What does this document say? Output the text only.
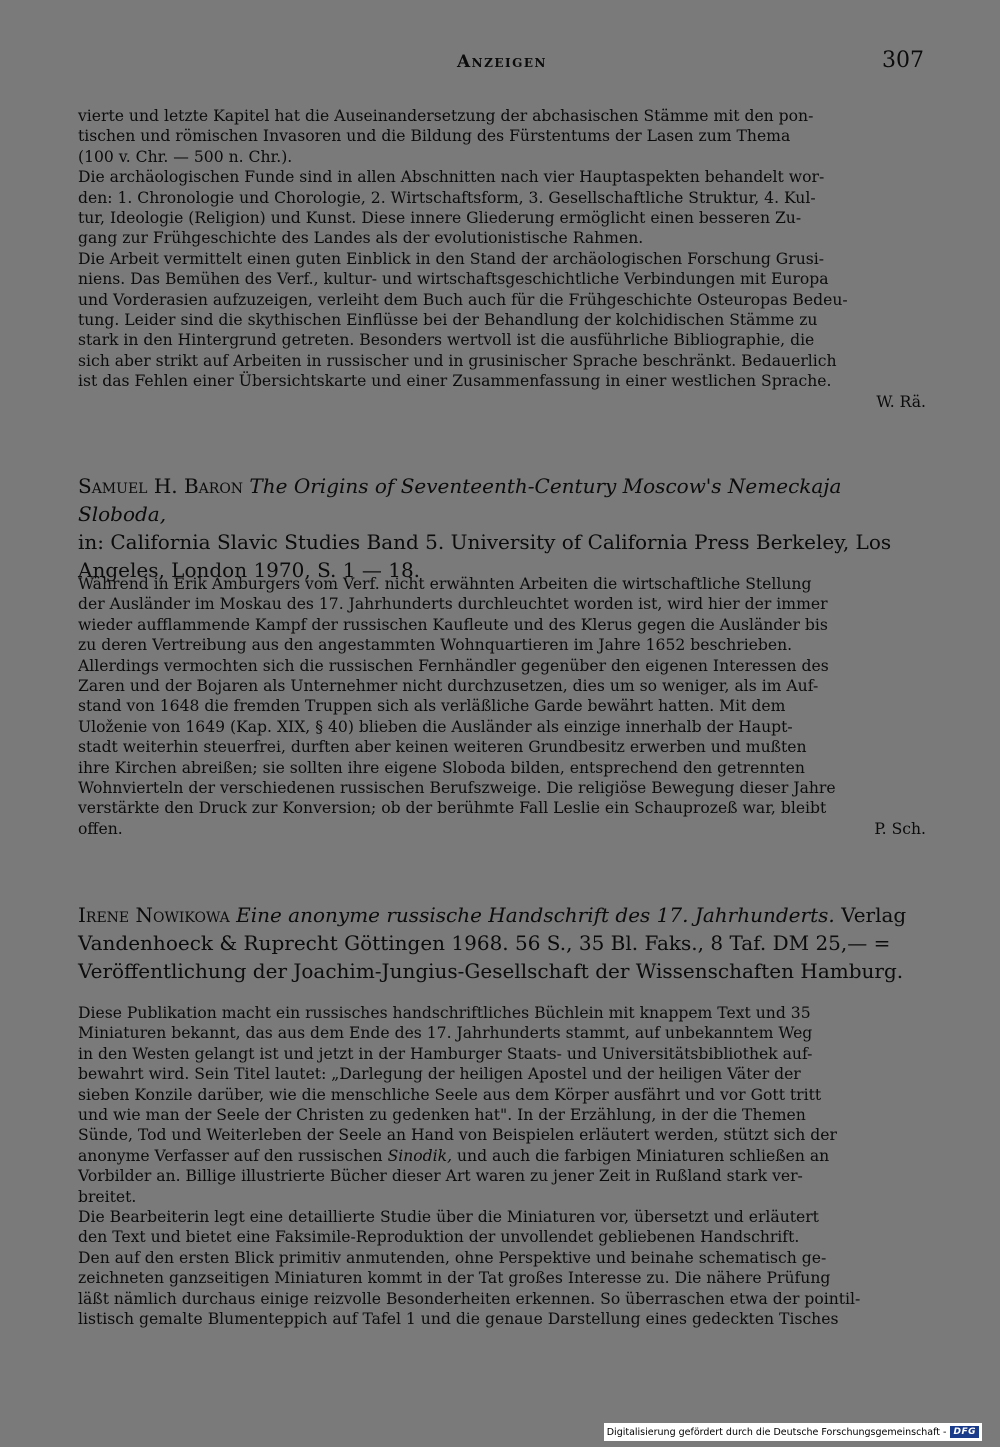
Anzeigen	307

vierte und letzte Kapitel hat die Auseinandersetzung der abchasischen Stämme mit den pon-
tischen und römischen Invasoren und die Bildung des Fürstentums der Lasen zum Thema
(100 v. Chr. — 500 n. Chr.).
Die archäologischen Funde sind in allen Abschnitten nach vier Hauptaspekten behandelt wor-
den: 1. Chronologie und Chorologie, 2. Wirtschaftsform, 3. Gesellschaftliche Struktur, 4. Kul-
tur, Ideologie (Religion) und Kunst. Diese innere Gliederung ermöglicht einen besseren Zu-
gang zur Frühgeschichte des Landes als der evolutionistische Rahmen.
Die Arbeit vermittelt einen guten Einblick in den Stand der archäologischen Forschung Grusi-
niens. Das Bemühen des Verf., kultur- und wirtschaftsgeschichtliche Verbindungen mit Europa
und Vorderasien aufzuzeigen, verleiht dem Buch auch für die Frühgeschichte Osteuropas Bedeu-
tung. Leider sind die skythischen Einflüsse bei der Behandlung der kolchidischen Stämme zu
stark in den Hintergrund getreten. Besonders wertvoll ist die ausführliche Bibliographie, die
sich aber strikt auf Arbeiten in russischer und in grusinischer Sprache beschränkt. Bedauerlich
ist das Fehlen einer Übersichtskarte und einer Zusammenfassung in einer westlichen Sprache.

W. Rä.
Samuel H. Baron The Origins of Seventeenth-Century Moscow's Nemeckaja Sloboda,
in: California Slavic Studies Band 5. University of California Press Berkeley, Los
Angeles, London 1970, S. 1 — 18.

Während in Erik Amburgers vom Verf. nicht erwähnten Arbeiten die wirtschaftliche Stellung
der Ausländer im Moskau des 17. Jahrhunderts durchleuchtet worden ist, wird hier der immer
wieder aufflammende Kampf der russischen Kaufleute und des Klerus gegen die Ausländer bis
zu deren Vertreibung aus den angestammten Wohnquartieren im Jahre 1652 beschrieben.
Allerdings vermochten sich die russischen Fernhändler gegenüber den eigenen Interessen des
Zaren und der Bojaren als Unternehmer nicht durchzusetzen, dies um so weniger, als im Auf-
stand von 1648 die fremden Truppen sich als verläßliche Garde bewährt hatten. Mit dem
Uloženie von 1649 (Kap. XIX, § 40) blieben die Ausländer als einzige innerhalb der Haupt-
stadt weiterhin steuerfrei, durften aber keinen weiteren Grundbesitz erwerben und mußten
ihre Kirchen abreißen; sie sollten ihre eigene Sloboda bilden, entsprechend den getrennten
Wohnvierteln der verschiedenen russischen Berufszweige. Die religiöse Bewegung dieser Jahre
verstärkte den Druck zur Konversion; ob der berühmte Fall Leslie ein Schauprozeß war, bleibt

offen.	P. Sch.
Irene Nowikowa Eine anonyme russische Handschrift des 17. Jahrhunderts. Verlag
Vandenhoeck & Ruprecht Göttingen 1968. 56 S., 35 Bl. Faks., 8 Taf. DM 25,— =
Veröffentlichung der Joachim-Jungius-Gesellschaft der Wissenschaften Hamburg.

Diese Publikation macht ein russisches handschriftliches Büchlein mit knappem Text und 35
Miniaturen bekannt, das aus dem Ende des 17. Jahrhunderts stammt, auf unbekanntem Weg
in den Westen gelangt ist und jetzt in der Hamburger Staats- und Universitätsbibliothek auf-
bewahrt wird. Sein Titel lautet: „Darlegung der heiligen Apostel und der heiligen Väter der
sieben Konzile darüber, wie die menschliche Seele aus dem Körper ausfährt und vor Gott tritt
und wie man der Seele der Christen zu gedenken hat". In der Erzählung, in der die Themen
Sünde, Tod und Weiterleben der Seele an Hand von Beispielen erläutert werden, stützt sich der
anonyme Verfasser auf den russischen Sinodik, und auch die farbigen Miniaturen schließen an
Vorbilder an. Billige illustrierte Bücher dieser Art waren zu jener Zeit in Rußland stark ver-
breitet.
Die Bearbeiterin legt eine detaillierte Studie über die Miniaturen vor, übersetzt und erläutert
den Text und bietet eine Faksimile-Reproduktion der unvollendet gebliebenen Handschrift.
Den auf den ersten Blick primitiv anmutenden, ohne Perspektive und beinahe schematisch ge-
zeichneten ganzseitigen Miniaturen kommt in der Tat großes Interesse zu. Die nähere Prüfung
läßt nämlich durchaus einige reizvolle Besonderheiten erkennen. So überraschen etwa der pointil-
listisch gemalte Blumenteppich auf Tafel 1 und die genaue Darstellung eines gedeckten Tisches

Digitalisierung gefördert durch die Deutsche Forschungsgemeinschaft - DFG
